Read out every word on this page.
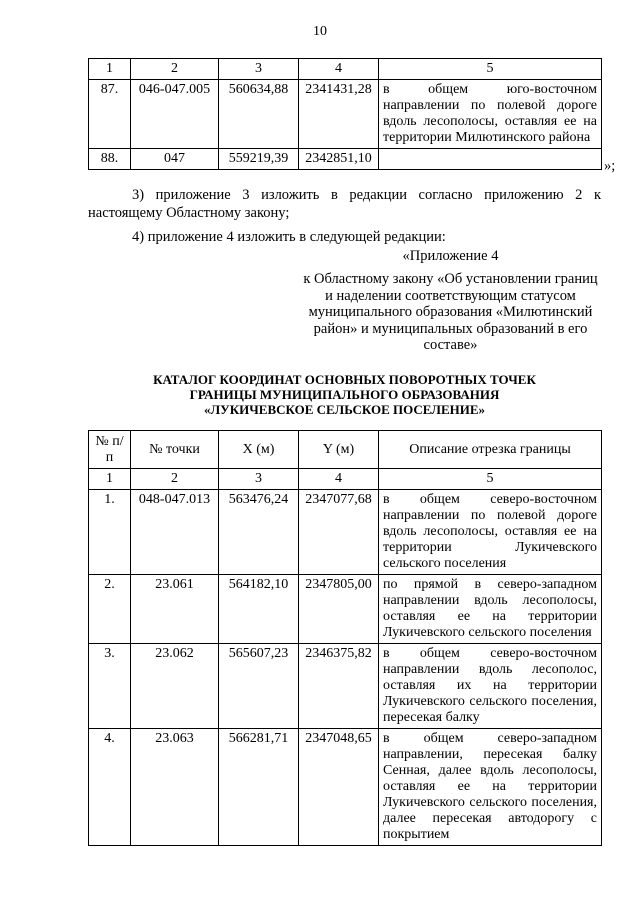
10
1	2	3	4	5
87.	046-047.005	560634,88	2341431,28	в общем юго-восточном направлении по полевой дороге вдоль лесополосы, оставляя ее на территории Милютинского района
88.	047	559219,39	2342851,10		»;
3) приложение 3 изложить в редакции согласно приложению 2 к настоящему Областному закону;
4) приложение 4 изложить в следующей редакции:
«Приложение 4
к Областному закону «Об установлении границ и наделении соответствующим статусом муниципального образования «Милютинский район» и муниципальных образований в его составе»
КАТАЛОГ КООРДИНАТ ОСНОВНЫХ ПОВОРОТНЫХ ТОЧЕК
ГРАНИЦЫ МУНИЦИПАЛЬНОГО ОБРАЗОВАНИЯ
«ЛУКИЧЕВСКОЕ СЕЛЬСКОЕ ПОСЕЛЕНИЕ»
№ п/п	№ точки	X (м)	Y (м)	Описание отрезка границы
1	2	3	4	5
1.	048-047.013	563476,24	2347077,68	в общем северо-восточном направлении по полевой дороге вдоль лесополосы, оставляя ее на территории Лукичевского сельского поселения
2.	23.061	564182,10	2347805,00	по прямой в северо-западном направлении вдоль лесополосы, оставляя ее на территории Лукичевского сельского поселения
3.	23.062	565607,23	2346375,82	в общем северо-восточном направлении вдоль лесополос, оставляя их на территории Лукичевского сельского поселения, пересекая балку
4.	23.063	566281,71	2347048,65	в общем северо-западном направлении, пересекая балку Сенная, далее вдоль лесополосы, оставляя ее на территории Лукичевского сельского поселения, далее пересекая автодорогу с покрытием
